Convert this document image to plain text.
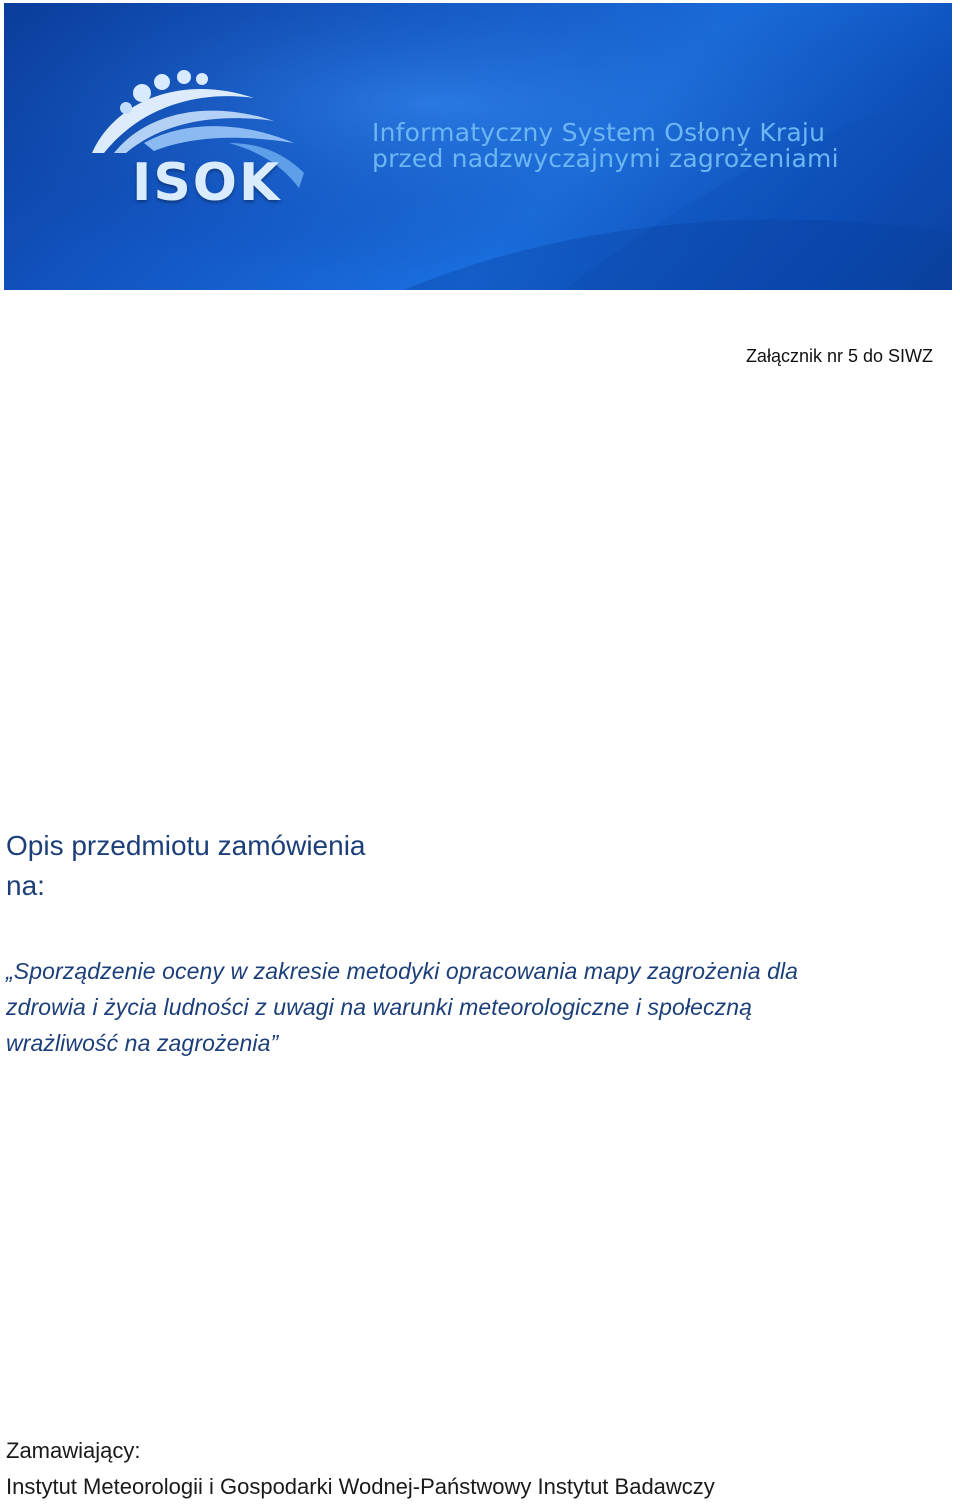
ISOK
Informatyczny System Osłony Kraju
przed nadzwyczajnymi zagrożeniami
Załącznik nr 5 do SIWZ
Opis przedmiotu zamówienia
na:
„Sporządzenie oceny w zakresie metodyki opracowania mapy zagrożenia dla
zdrowia i życia ludności z uwagi na warunki meteorologiczne i społeczną
wrażliwość na zagrożenia”
Zamawiający:
Instytut Meteorologii i Gospodarki Wodnej-Państwowy Instytut Badawczy
